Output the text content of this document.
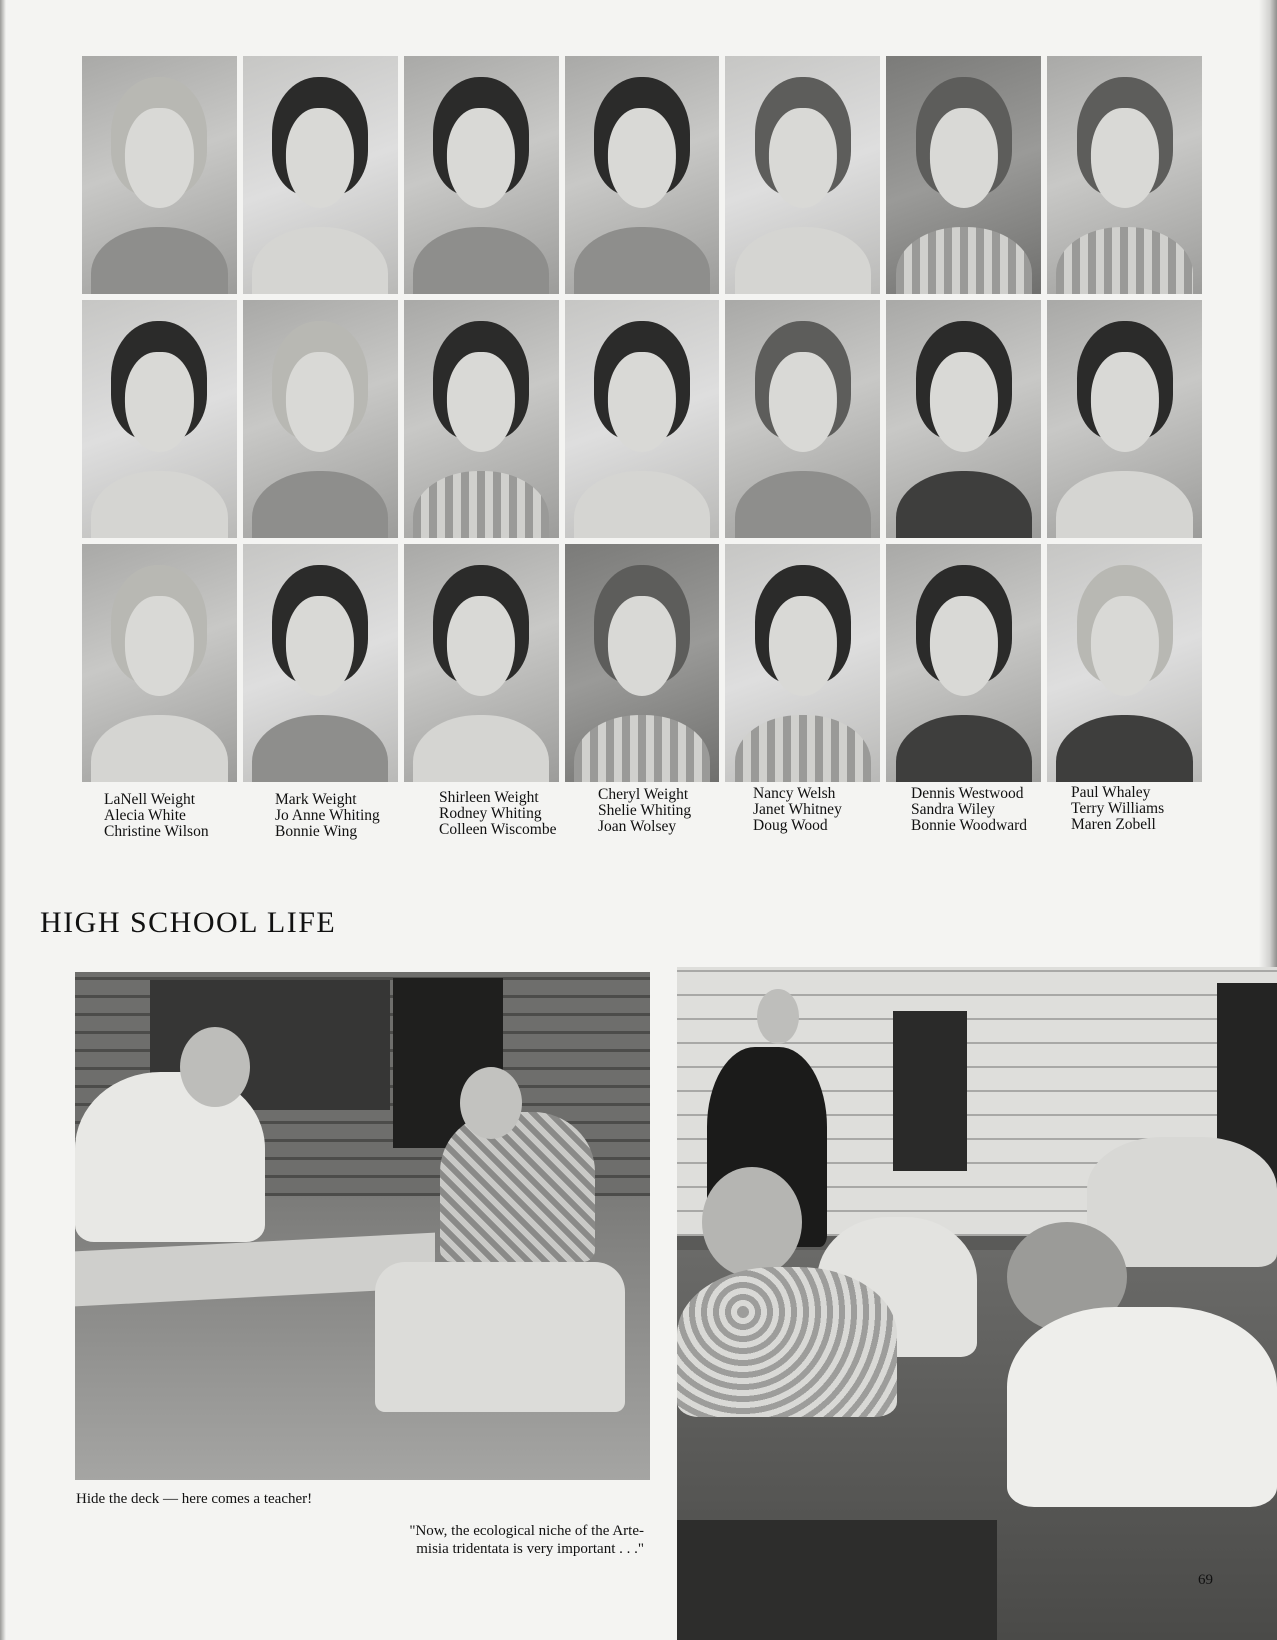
LaNell Weight
Alecia White
Christine Wilson
Mark Weight
Jo Anne Whiting
Bonnie Wing
Shirleen Weight
Rodney Whiting
Colleen Wiscombe
Cheryl Weight
Shelie Whiting
Joan Wolsey
Nancy Welsh
Janet Whitney
Doug Wood
Dennis Westwood
Sandra Wiley
Bonnie Woodward
Paul Whaley
Terry Williams
Maren Zobell
HIGH SCHOOL LIFE

Hide the deck — here comes a teacher!

"Now, the ecological niche of the Arte-
misia tridentata is very important . . ."

69
